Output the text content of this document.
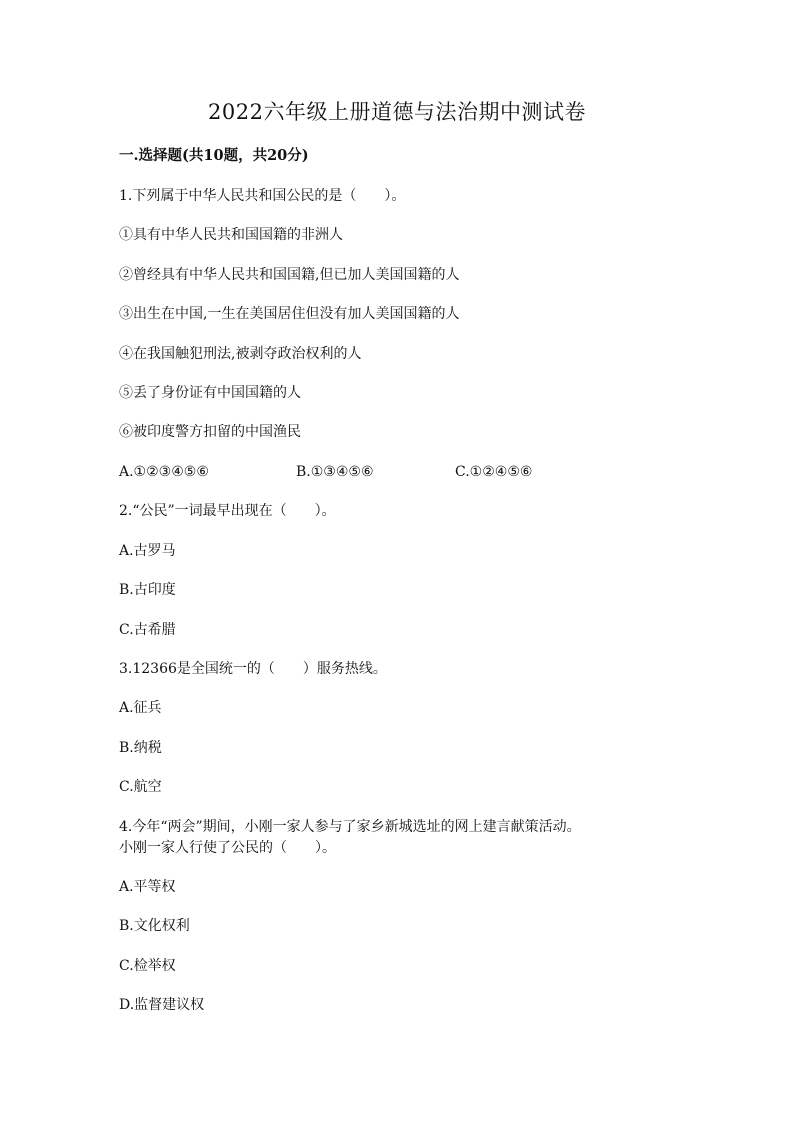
2022六年级上册道德与法治期中测试卷
一.选择题(共10题，共20分)
1.下列属于中华人民共和国公民的是（　　）。
①具有中华人民共和国国籍的非洲人
②曾经具有中华人民共和国国籍,但已加人美国国籍的人
③出生在中国,一生在美国居住但没有加人美国国籍的人
④在我国触犯刑法,被剥夺政治权利的人
⑤丢了身份证有中国国籍的人
⑥被印度警方扣留的中国渔民
A.①②③④⑤⑥	B.①③④⑤⑥	C.①②④⑤⑥
2.“公民”一词最早出现在（　　）。
A.古罗马
B.古印度
C.古希腊
3.12366是全国统一的（　　）服务热线。
A.征兵
B.纳税
C.航空
4.今年“两会”期间，小刚一家人参与了家乡新城选址的网上建言献策活动。
小刚一家人行使了公民的（　　）。
A.平等权
B.文化权利
C.检举权
D.监督建议权
